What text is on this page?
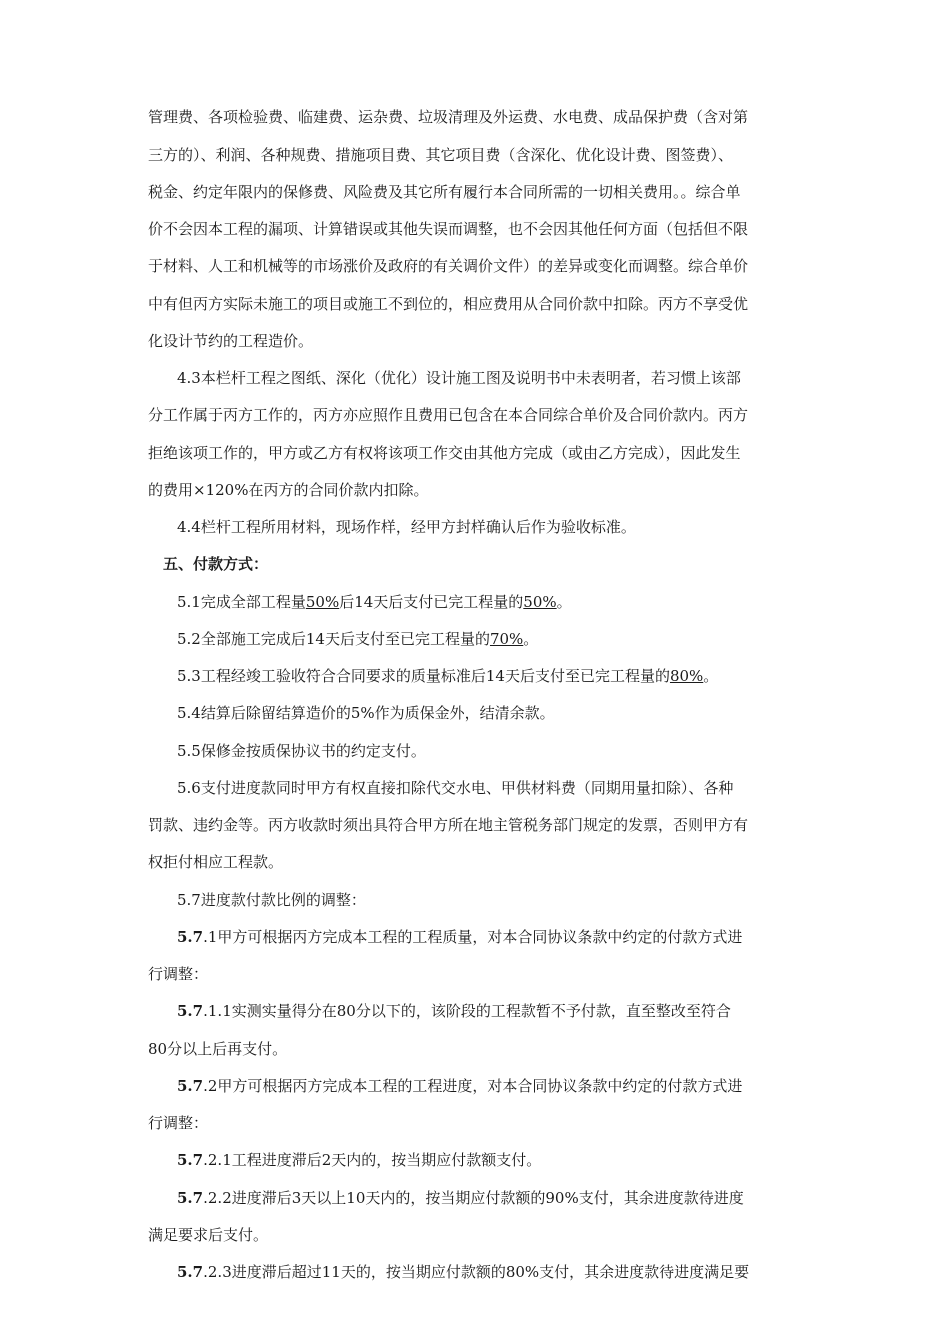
管理费、各项检验费、临建费、运杂费、垃圾清理及外运费、水电费、成品保护费（含对第
三方的）、利润、各种规费、措施项目费、其它项目费（含深化、优化设计费、图签费）、
税金、约定年限内的保修费、风险费及其它所有履行本合同所需的一切相关费用。。综合单
价不会因本工程的漏项、计算错误或其他失误而调整，也不会因其他任何方面（包括但不限
于材料、人工和机械等的市场涨价及政府的有关调价文件）的差异或变化而调整。综合单价
中有但丙方实际未施工的项目或施工不到位的，相应费用从合同价款中扣除。丙方不享受优
化设计节约的工程造价。
4.3本栏杆工程之图纸、深化（优化）设计施工图及说明书中未表明者，若习惯上该部
分工作属于丙方工作的，丙方亦应照作且费用已包含在本合同综合单价及合同价款内。丙方
拒绝该项工作的，甲方或乙方有权将该项工作交由其他方完成（或由乙方完成），因此发生
的费用×120%在丙方的合同价款内扣除。
4.4栏杆工程所用材料，现场作样，经甲方封样确认后作为验收标准。
五、付款方式：
5.1完成全部工程量50%后14天后支付已完工程量的50%。
5.2全部施工完成后14天后支付至已完工程量的70%。
5.3工程经竣工验收符合合同要求的质量标准后14天后支付至已完工程量的80%。
5.4结算后除留结算造价的5%作为质保金外，结清余款。
5.5保修金按质保协议书的约定支付。
5.6支付进度款同时甲方有权直接扣除代交水电、甲供材料费（同期用量扣除）、各种
罚款、违约金等。丙方收款时须出具符合甲方所在地主管税务部门规定的发票，否则甲方有
权拒付相应工程款。
5.7进度款付款比例的调整：
5.7.1甲方可根据丙方完成本工程的工程质量，对本合同协议条款中约定的付款方式进
行调整：
5.7.1.1实测实量得分在80分以下的，该阶段的工程款暂不予付款，直至整改至符合
80分以上后再支付。
5.7.2甲方可根据丙方完成本工程的工程进度，对本合同协议条款中约定的付款方式进
行调整：
5.7.2.1工程进度滞后2天内的，按当期应付款额支付。
5.7.2.2进度滞后3天以上10天内的，按当期应付款额的90%支付，其余进度款待进度
满足要求后支付。
5.7.2.3进度滞后超过11天的，按当期应付款额的80%支付，其余进度款待进度满足要
